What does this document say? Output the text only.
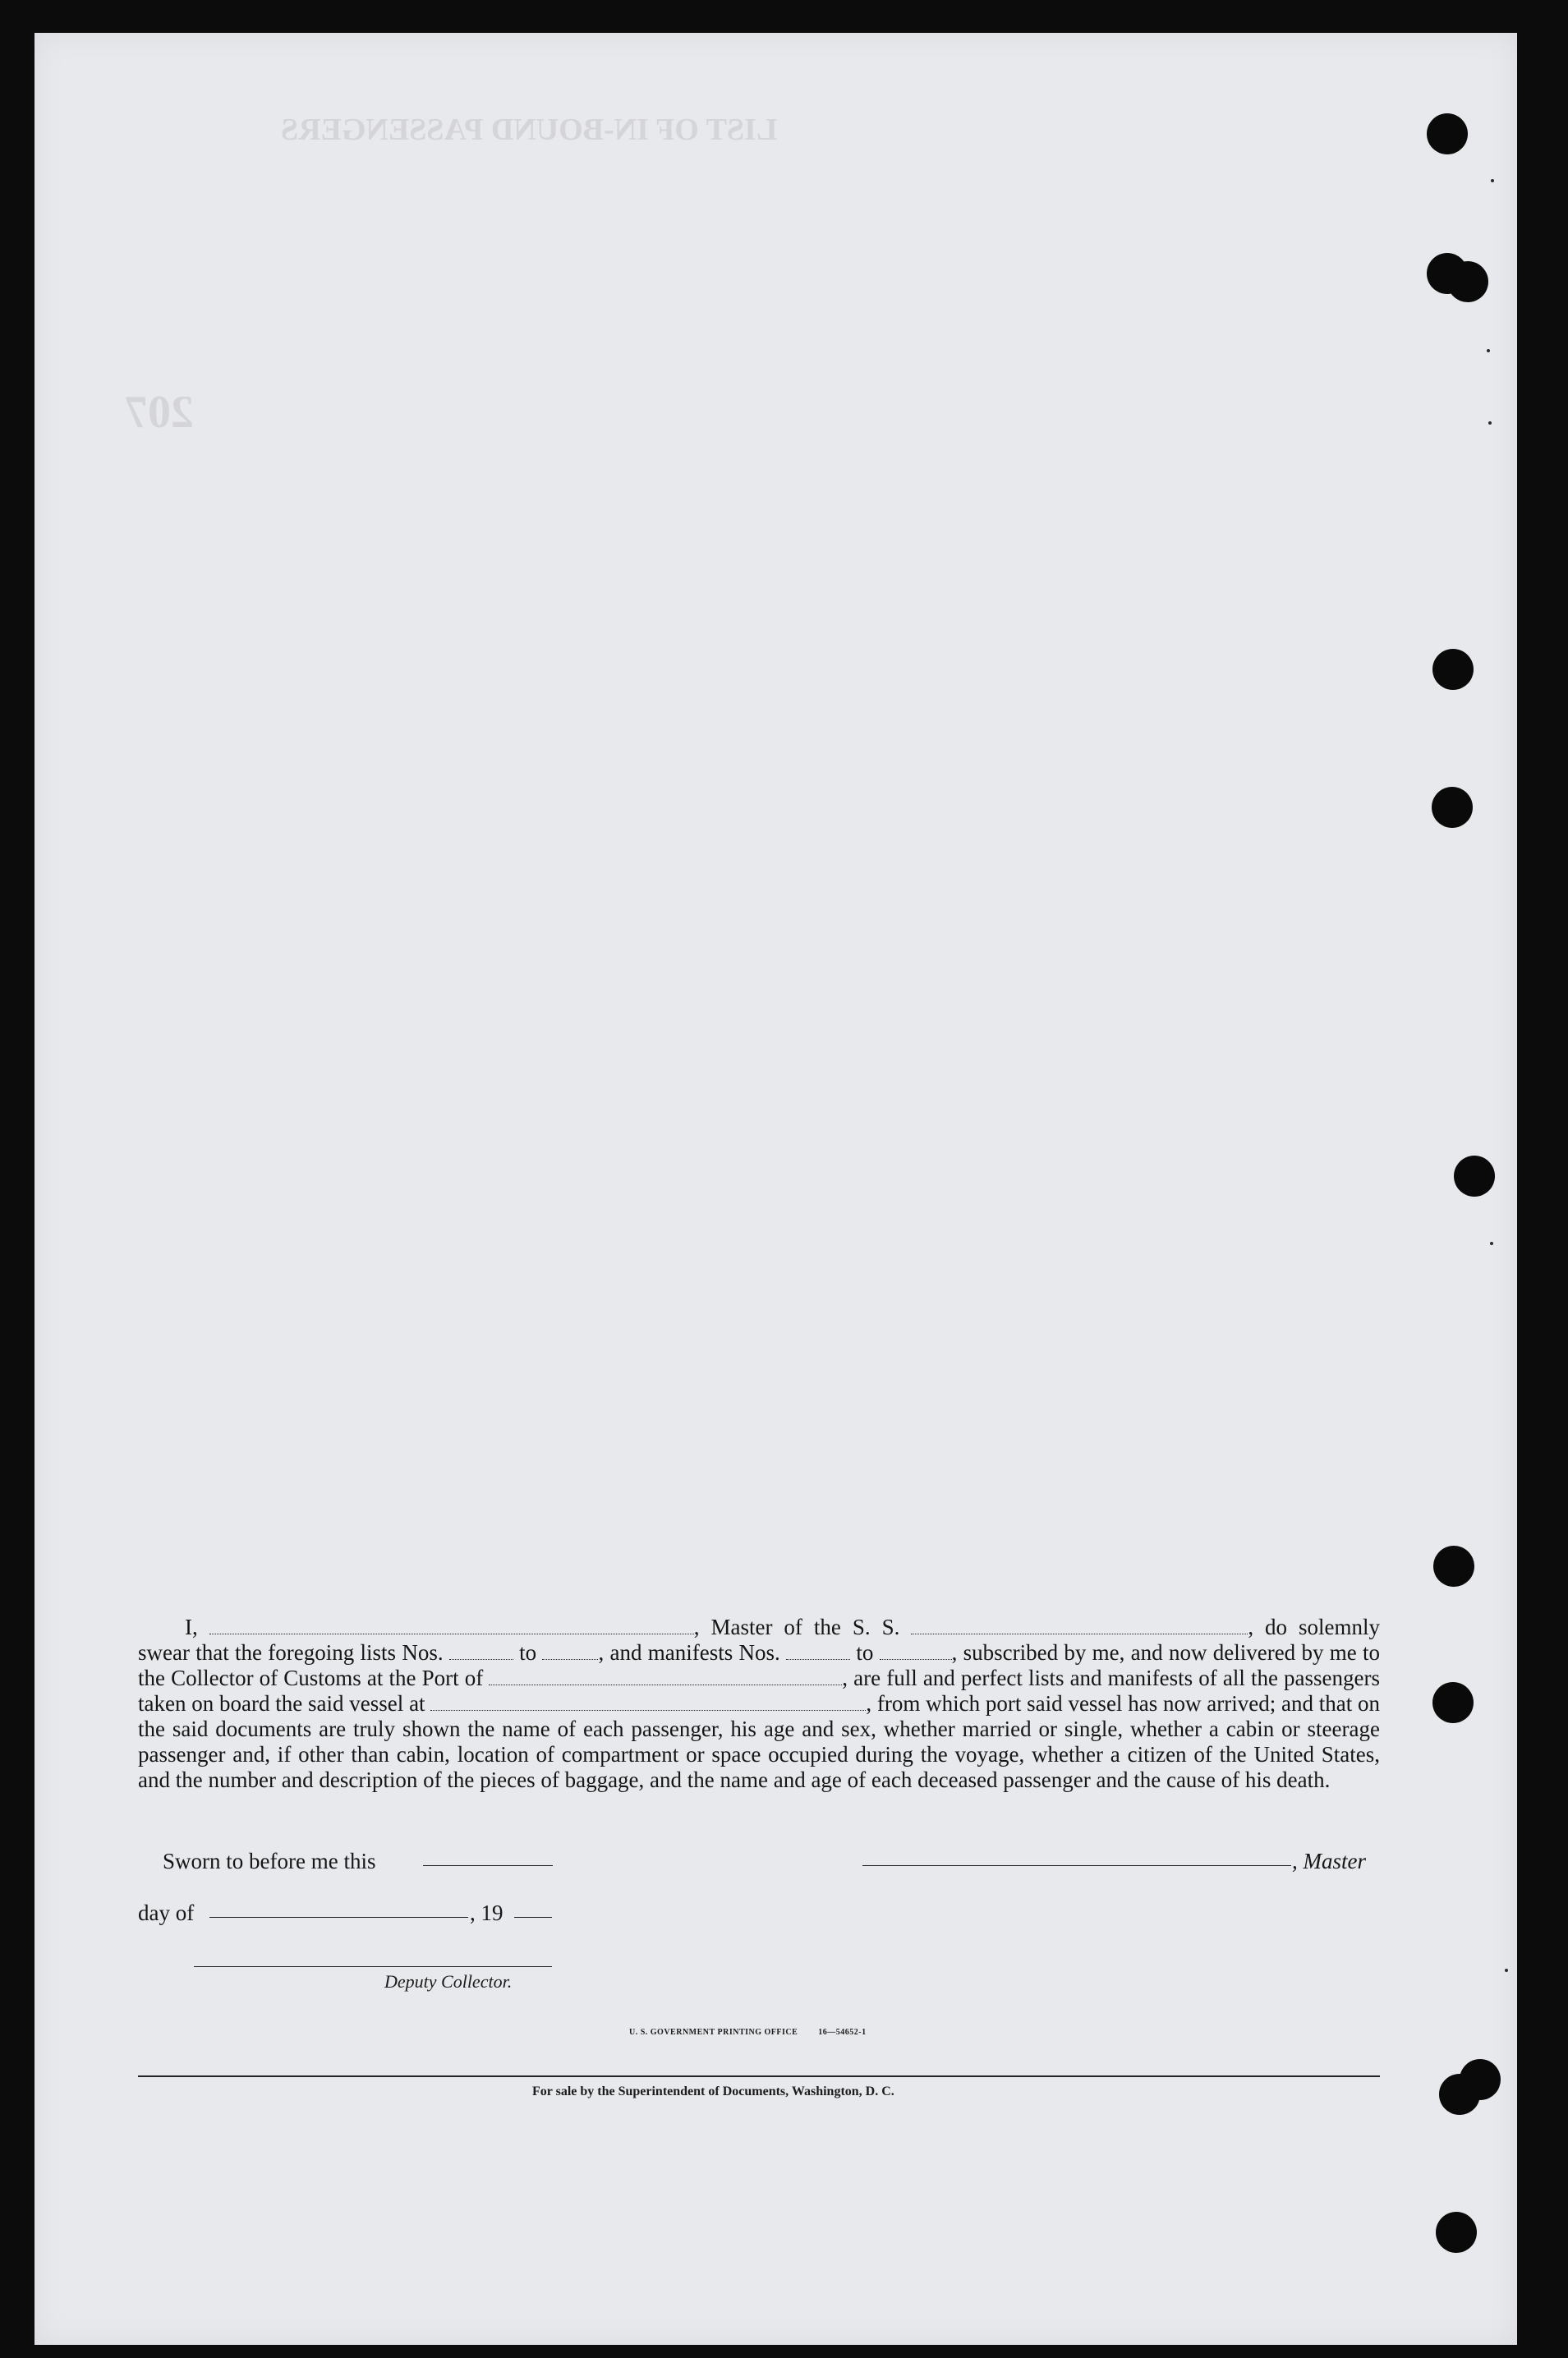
LIST OF IN-BOUND PASSENGERS
207

I,	, Master of the S. S.	, do solemnly swear that the foregoing lists Nos.	to	, and manifests Nos.	to	, subscribed by me, and now delivered by me to the Collector of Customs at the Port of	, are full and perfect lists and manifests of all the passengers taken on board the said vessel at	, from which port said vessel has now arrived; and that on the said documents are truly shown the name of each passenger, his age and sex, whether married or single, whether a cabin or steerage passenger and, if other than cabin, location of compartment or space occupied during the voyage, whether a citizen of the United States, and the number and description of the pieces of baggage, and the name and age of each deceased passenger and the cause of his death.

Sworn to before me this	, Master
day of	, 19
Deputy Collector.
U. S. GOVERNMENT PRINTING OFFICE	16—54652-1
For sale by the Superintendent of Documents, Washington, D. C.
